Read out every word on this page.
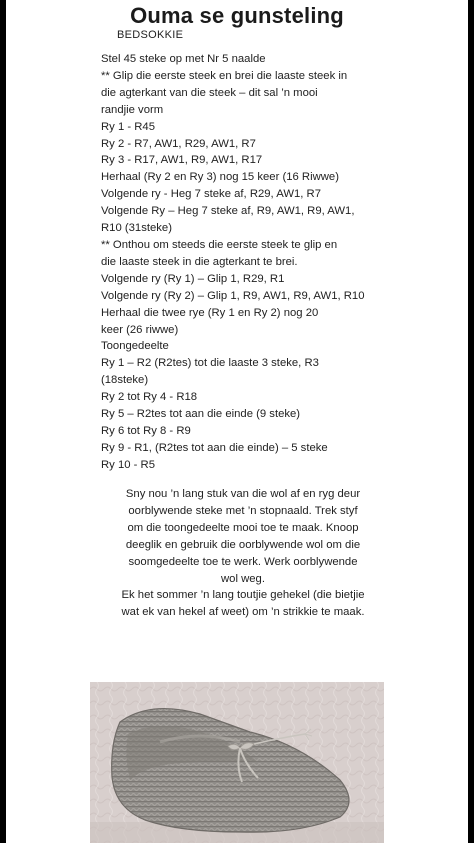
Ouma se gunsteling
BEDSOKKIE
Stel 45 steke op met Nr 5 naalde
** Glip die eerste steek en brei die laaste steek in
die agterkant van die steek – dit sal ’n mooi
randjie vorm
Ry 1 - R45
Ry 2 - R7, AW1, R29, AW1, R7
Ry 3 - R17, AW1, R9, AW1, R17
Herhaal (Ry 2 en Ry 3) nog 15 keer (16 Riwwe)
Volgende ry - Heg 7 steke af, R29, AW1, R7
Volgende Ry – Heg 7 steke af, R9, AW1, R9, AW1,
R10 (31steke)
** Onthou om steeds die eerste steek te glip en
die laaste steek in die agterkant te brei.
Volgende ry (Ry 1) – Glip 1, R29, R1
Volgende ry (Ry 2) – Glip 1, R9, AW1, R9, AW1, R10
Herhaal die twee rye (Ry 1 en Ry 2) nog 20
keer (26 riwwe)
Toongedeelte
Ry 1 – R2 (R2tes) tot die laaste 3 steke, R3
(18steke)
Ry 2 tot Ry 4 - R18
Ry 5 – R2tes tot aan die einde (9 steke)
Ry 6 tot Ry 8 - R9
Ry 9 - R1, (R2tes tot aan die einde) – 5 steke
Ry 10 - R5
Sny nou ’n lang stuk van die wol af en ryg deur
oorblywende steke met ’n stopnaald. Trek styf
om die toongedeelte mooi toe te maak. Knoop
deeglik en gebruik die oorblywende wol om die
soomgedeelte toe te werk. Werk oorblywende
wol weg.
Ek het sommer ’n lang toutjie gehekel (die bietjie
wat ek van hekel af weet) om ’n strikkie te maak.
